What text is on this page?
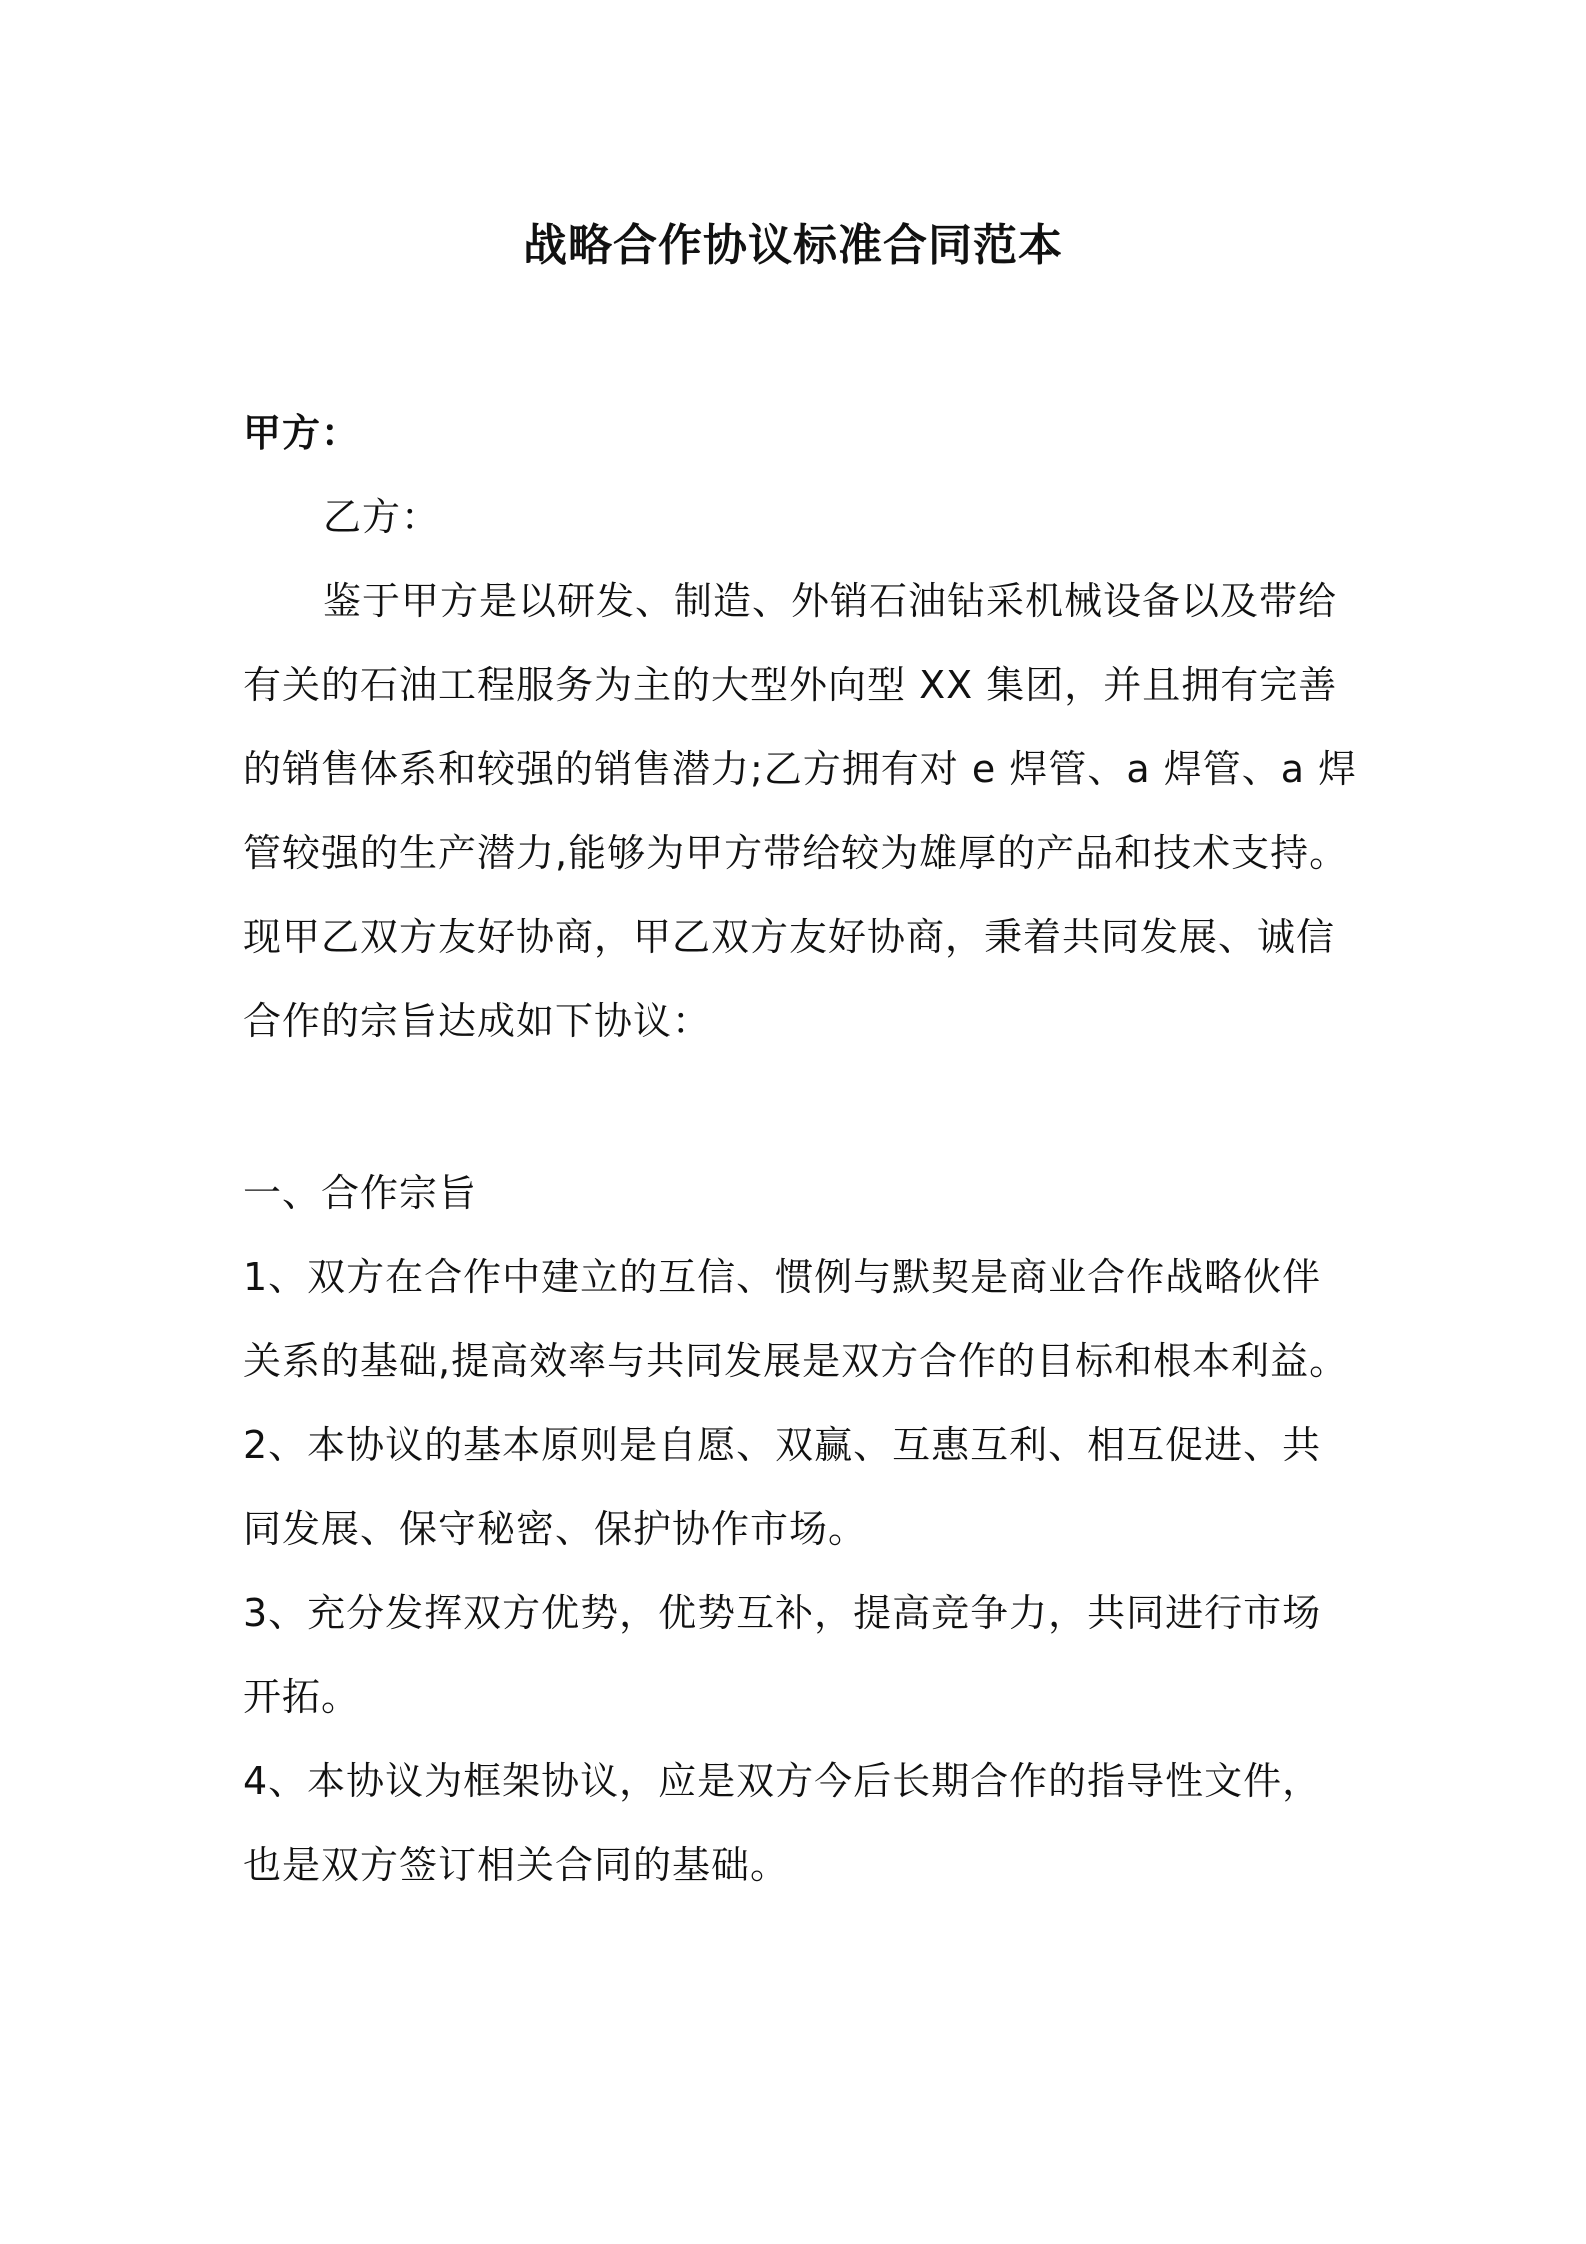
战略合作协议标准合同范本
甲方：
乙方：
鉴于甲方是以研发、制造、外销石油钻采机械设备以及带给
有关的石油工程服务为主的大型外向型 XX 集团，并且拥有完善
的销售体系和较强的销售潜力;乙方拥有对 e 焊管、a 焊管、a 焊
管较强的生产潜力,能够为甲方带给较为雄厚的产品和技术支持。
现甲乙双方友好协商，甲乙双方友好协商，秉着共同发展、诚信
合作的宗旨达成如下协议：
一、合作宗旨
1、双方在合作中建立的互信、惯例与默契是商业合作战略伙伴
关系的基础,提高效率与共同发展是双方合作的目标和根本利益。
2、本协议的基本原则是自愿、双赢、互惠互利、相互促进、共
同发展、保守秘密、保护协作市场。
3、充分发挥双方优势，优势互补，提高竞争力，共同进行市场
开拓。
4、本协议为框架协议，应是双方今后长期合作的指导性文件，
也是双方签订相关合同的基础。
